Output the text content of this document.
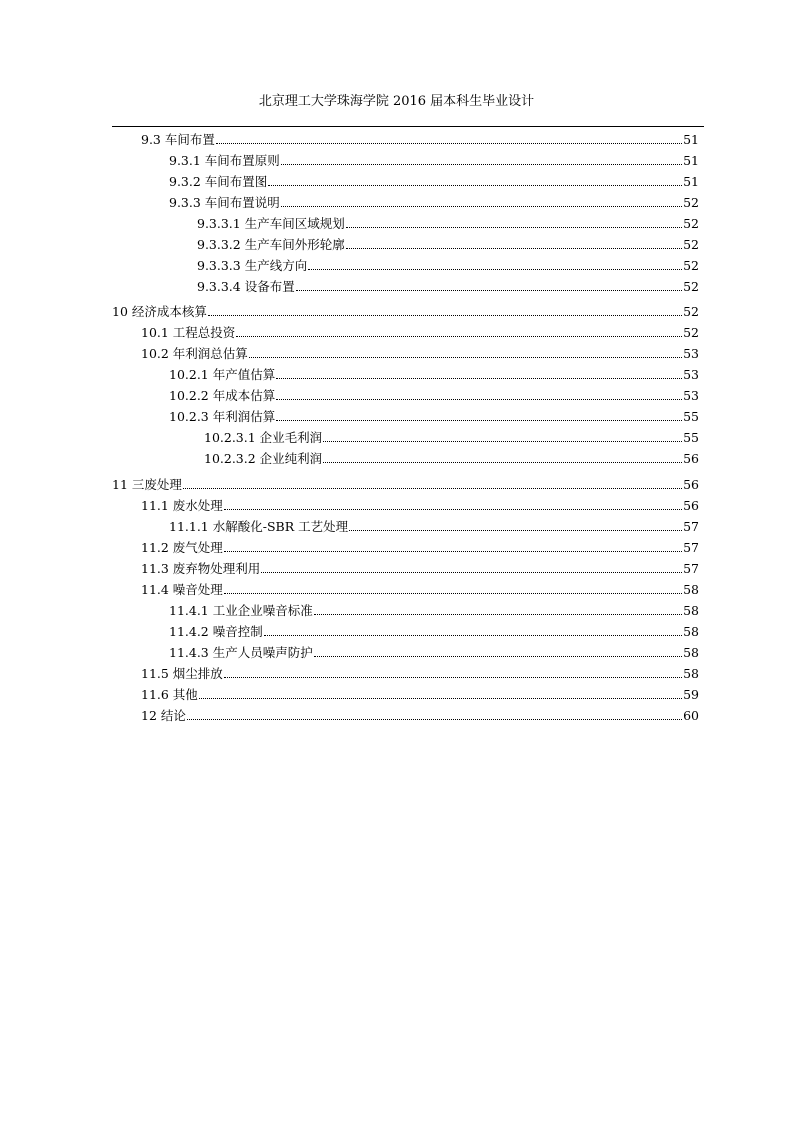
北京理工大学珠海学院 2016 届本科生毕业设计
9.3 车间布置	51
9.3.1 车间布置原则	51
9.3.2 车间布置图	51
9.3.3 车间布置说明	52
9.3.3.1 生产车间区域规划	52
9.3.3.2 生产车间外形轮廓	52
9.3.3.3 生产线方向	52
9.3.3.4 设备布置	52
10 经济成本核算	52
10.1 工程总投资	52
10.2 年利润总估算	53
10.2.1 年产值估算	53
10.2.2 年成本估算	53
10.2.3 年利润估算	55
10.2.3.1 企业毛利润	55
10.2.3.2 企业纯利润	56
11 三废处理	56
11.1 废水处理	56
11.1.1 水解酸化-SBR 工艺处理	57
11.2 废气处理	57
11.3 废弃物处理利用	57
11.4 噪音处理	58
11.4.1 工业企业噪音标准	58
11.4.2 噪音控制	58
11.4.3 生产人员噪声防护	58
11.5 烟尘排放	58
11.6 其他	59
12 结论	60
